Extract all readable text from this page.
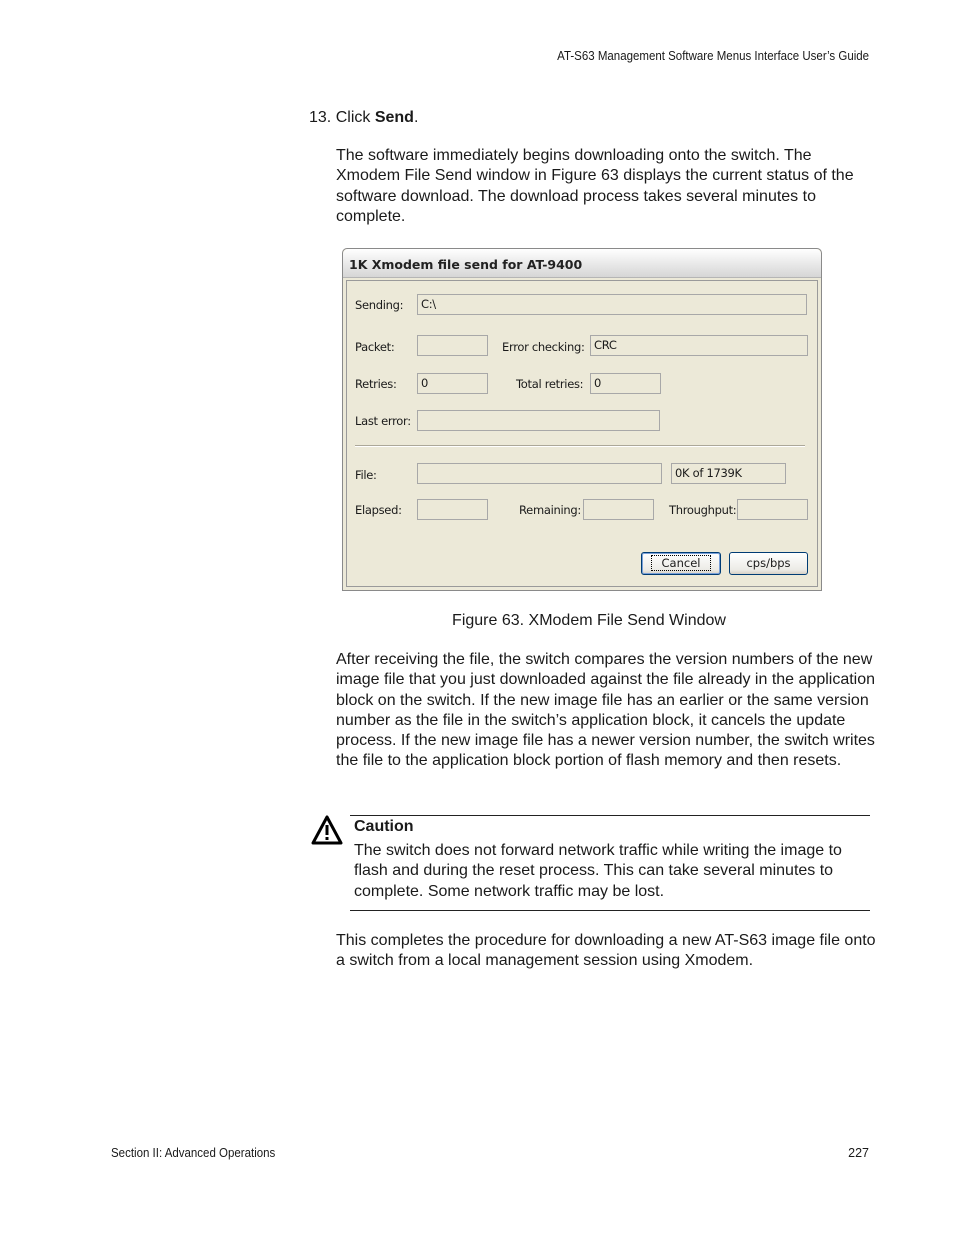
AT-S63 Management Software Menus Interface User’s Guide
13. Click Send.
The software immediately begins downloading onto the switch. The Xmodem File Send window in Figure 63 displays the current status of the software download. The download process takes several minutes to complete.
1K Xmodem file send for AT-9400
Sending:	C:\
Packet:	Error checking: CRC
Retries:	0	Total retries: 0
Last error:
File:	0K of 1739K
Elapsed:	Remaining:	Throughput:
Cancel	cps/bps
Figure 63. XModem File Send Window
After receiving the file, the switch compares the version numbers of the new image file that you just downloaded against the file already in the application block on the switch. If the new image file has an earlier or the same version number as the file in the switch’s application block, it cancels the update process. If the new image file has a newer version number, the switch writes the file to the application block portion of flash memory and then resets.
Caution
The switch does not forward network traffic while writing the image to flash and during the reset process. This can take several minutes to complete. Some network traffic may be lost.
This completes the procedure for downloading a new AT-S63 image file onto a switch from a local management session using Xmodem.
Section II: Advanced Operations	227
